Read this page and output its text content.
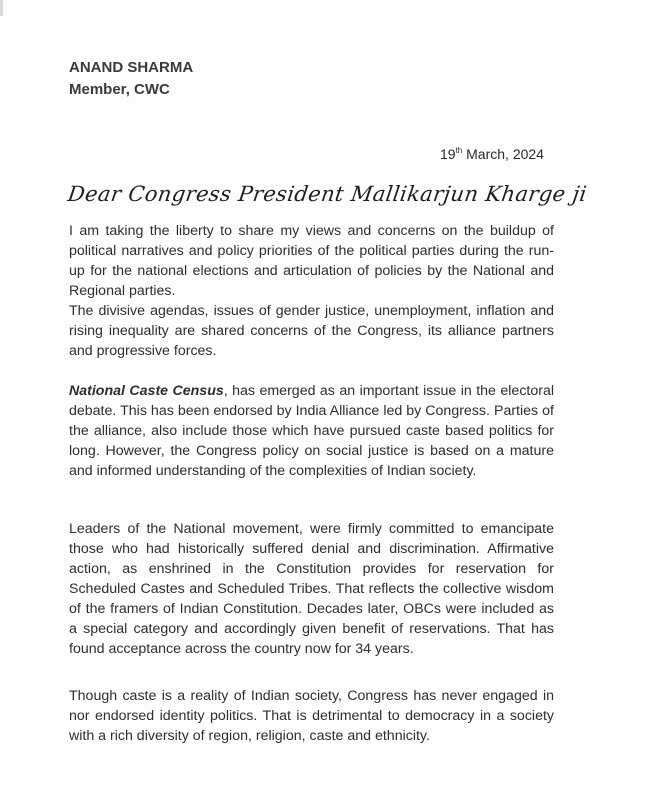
ANAND SHARMA
Member, CWC
19th March, 2024
Dear Congress President Mallikarjun Kharge ji

I am taking the liberty to share my views and concerns on the buildup of political narratives and policy priorities of the political parties during the run-up for the national elections and articulation of policies by the National and Regional parties.

The divisive agendas, issues of gender justice, unemployment, inflation and rising inequality are shared concerns of the Congress, its alliance partners and progressive forces.

National Caste Census, has emerged as an important issue in the electoral debate. This has been endorsed by India Alliance led by Congress. Parties of the alliance, also include those which have pursued caste based politics for long. However, the Congress policy on social justice is based on a mature and informed understanding of the complexities of Indian society.

Leaders of the National movement, were firmly committed to emancipate those who had historically suffered denial and discrimination. Affirmative action, as enshrined in the Constitution provides for reservation for Scheduled Castes and Scheduled Tribes. That reflects the collective wisdom of the framers of Indian Constitution. Decades later, OBCs were included as a special category and accordingly given benefit of reservations. That has found acceptance across the country now for 34 years.

Though caste is a reality of Indian society, Congress has never engaged in nor endorsed identity politics. That is detrimental to democracy in a society with a rich diversity of region, religion, caste and ethnicity.
